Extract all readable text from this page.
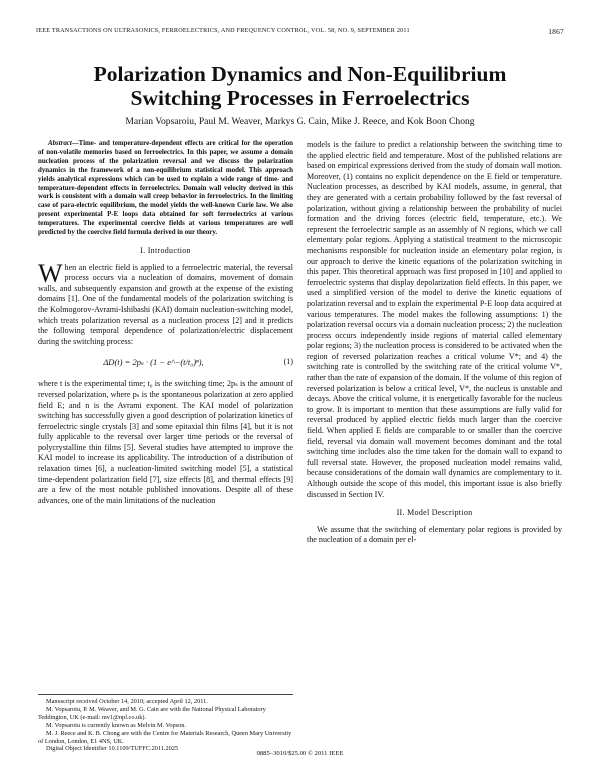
IEEE TRANSACTIONS ON ULTRASONICS, FERROELECTRICS, AND FREQUENCY CONTROL, VOL. 58, NO. 9, SEPTEMBER 2011	1867
Polarization Dynamics and Non-Equilibrium
Switching Processes in Ferroelectrics
Marian Vopsaroiu, Paul M. Weaver, Markys G. Cain, Mike J. Reece, and Kok Boon Chong

Abstract—Time- and temperature-dependent effects are critical for the operation of non-volatile memories based on ferroelectrics. In this paper, we assume a domain nucleation process of the polarization reversal and we discuss the polarization dynamics in the framework of a non-equilibrium statistical model. This approach yields analytical expressions which can be used to explain a wide range of time- and temperature-dependent effects in ferroelectrics. Domain wall velocity derived in this work is consistent with a domain wall creep behavior in ferroelectrics. In the limiting case of para-electric equilibrium, the model yields the well-known Curie law. We also present experimental P-E loops data obtained for soft ferroelectrics at various temperatures. The experimental coercive fields at various temperatures are well predicted by the coercive field formula derived in our theory.

I. Introduction

When an electric field is applied to a ferroelectric material, the reversal process occurs via a nucleation of domains, movement of domain walls, and subsequently expansion and growth at the expense of the existing domains [1]. One of the fundamental models of the polarization switching is the Kolmogorov-Avrami-Ishibashi (KAI) domain nucleation-switching model, which treats polarization reversal as a nucleation process [2] and it predicts the following temporal dependence of polarization/electric displacement during the switching process:

ΔD(t) = 2pₛ · (1 − e^−(t/t₀)ⁿ),	(1)

where t is the experimental time; t₀ is the switching time; 2pₛ is the amount of reversed polarization, where pₛ is the spontaneous polarization at zero applied field E; and n is the Avrami exponent. The KAI model of polarization switching has successfully given a good description of polarization kinetics of ferroelectric single crystals [3] and some epitaxial thin films [4], but it is not fully applicable to the reversal over larger time periods or the reversal of polycrystalline thin films [5]. Several studies have attempted to improve the KAI model to increase its applicability. The introduction of a distribution of relaxation times [6], a nucleation-limited switching model [5], a statistical time-dependent polarization field [7], size effects [8], and thermal effects [9] are a few of the most notable published innovations. Despite all of these advances, one of the main limitations of the nucleation

models is the failure to predict a relationship between the switching time to the applied electric field and temperature. Most of the published relations are based on empirical expressions derived from the study of domain wall motion. Moreover, (1) contains no explicit dependence on the E field or temperature. Nucleation processes, as described by KAI models, assume, in general, that they are generated with a certain probability followed by the fast reversal of polarization, without giving a relationship between the probability of nuclei formation and the driving forces (electric field, temperature, etc.). We represent the ferroelectric sample as an assembly of N regions, which we call elementary polar regions. Applying a statistical treatment to the microscopic mechanisms responsible for nucleation inside an elementary polar region, is our approach to derive the kinetic equations of the polarization switching in this paper. This theoretical approach was first proposed in [10] and applied to ferroelectric systems that display depolarization field effects. In this paper, we used a simplified version of the model to derive the kinetic equations of polarization reversal and to explain the experimental P-E loop data acquired at various temperatures. The model makes the following assumptions: 1) the polarization reversal occurs via a domain nucleation process; 2) the nucleation process occurs independently inside regions of material called elementary polar regions; 3) the nucleation process is considered to be activated when the region of reversed polarization reaches a critical volume V*; and 4) the switching rate is controlled by the switching rate of the critical volume V*, rather than the rate of expansion of the domain. If the volume of this region of reversed polarization is below a critical level, V*, the nucleus is unstable and decays. Above the critical volume, it is energetically favorable for the nucleus to grow. It is important to mention that these assumptions are fully valid for reversal produced by applied electric fields much larger than the coercive field. When applied E fields are comparable to or smaller than the coercive field, reversal via domain wall movement becomes dominant and the total switching time includes also the time taken for the domain wall to expand to full reversal state. However, the proposed nucleation model remains valid, because considerations of the domain wall dynamics are complementary to it. Although outside the scope of this model, this important issue is also briefly discussed in Section IV.

II. Model Description

We assume that the switching of elementary polar regions is provided by the nucleation of a domain per el-

Manuscript received October 14, 2010; accepted April 12, 2011.
M. Vopsaroiu, P. M. Weaver, and M. G. Cain are with the National Physical Laboratory Teddington, UK (e-mail: mv1@npl.co.uk).
M. Vopsaroiu is currently known as Melvin M. Vopson.
M. J. Reece and K. B. Chong are with the Centre for Materials Research, Queen Mary University of London, London, E1 4NS, UK.
Digital Object Identifier 10.1109/TUFFC.2011.2025
0885–3010/$25.00 © 2011 IEEE
